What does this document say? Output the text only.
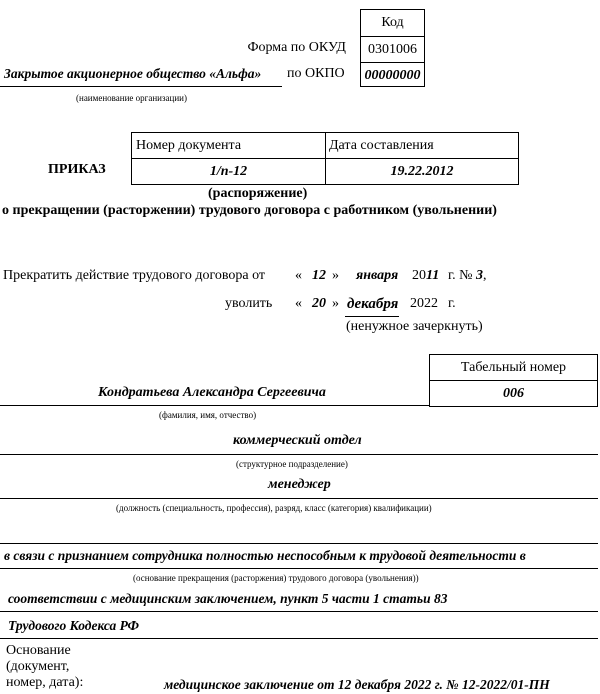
Код
0301006
00000000
Форма по ОКУД
Закрытое акционерное общество «Альфа» по ОКПО
(наименование организации)
ПРИКАЗ
Номер документа	Дата составления
1/п-12	19.22.2012
(распоряжение)
о прекращении (расторжении) трудового договора с работником (увольнении)
Прекратить действие трудового договора от « 12 » января 2011 г. № 3,
уволить « 20 » декабря 2022 г.
(ненужное зачеркнуть)
Табельный номер
006
Кондратьева Александра Сергеевича
(фамилия, имя, отчество)
коммерческий отдел
(структурное подразделение)
менеджер
(должность (специальность, профессия), разряд, класс (категория) квалификации)
в связи с признанием сотрудника полностью неспособным к трудовой деятельности в
(основание прекращения (расторжения) трудового договора (увольнения))
соответствии с медицинским заключением, пункт 5 части 1 статьи 83
Трудового Кодекса РФ
Основание
(документ,
номер, дата):	медицинское заключение от 12 декабря 2022 г. № 12-2022/01-ПН
